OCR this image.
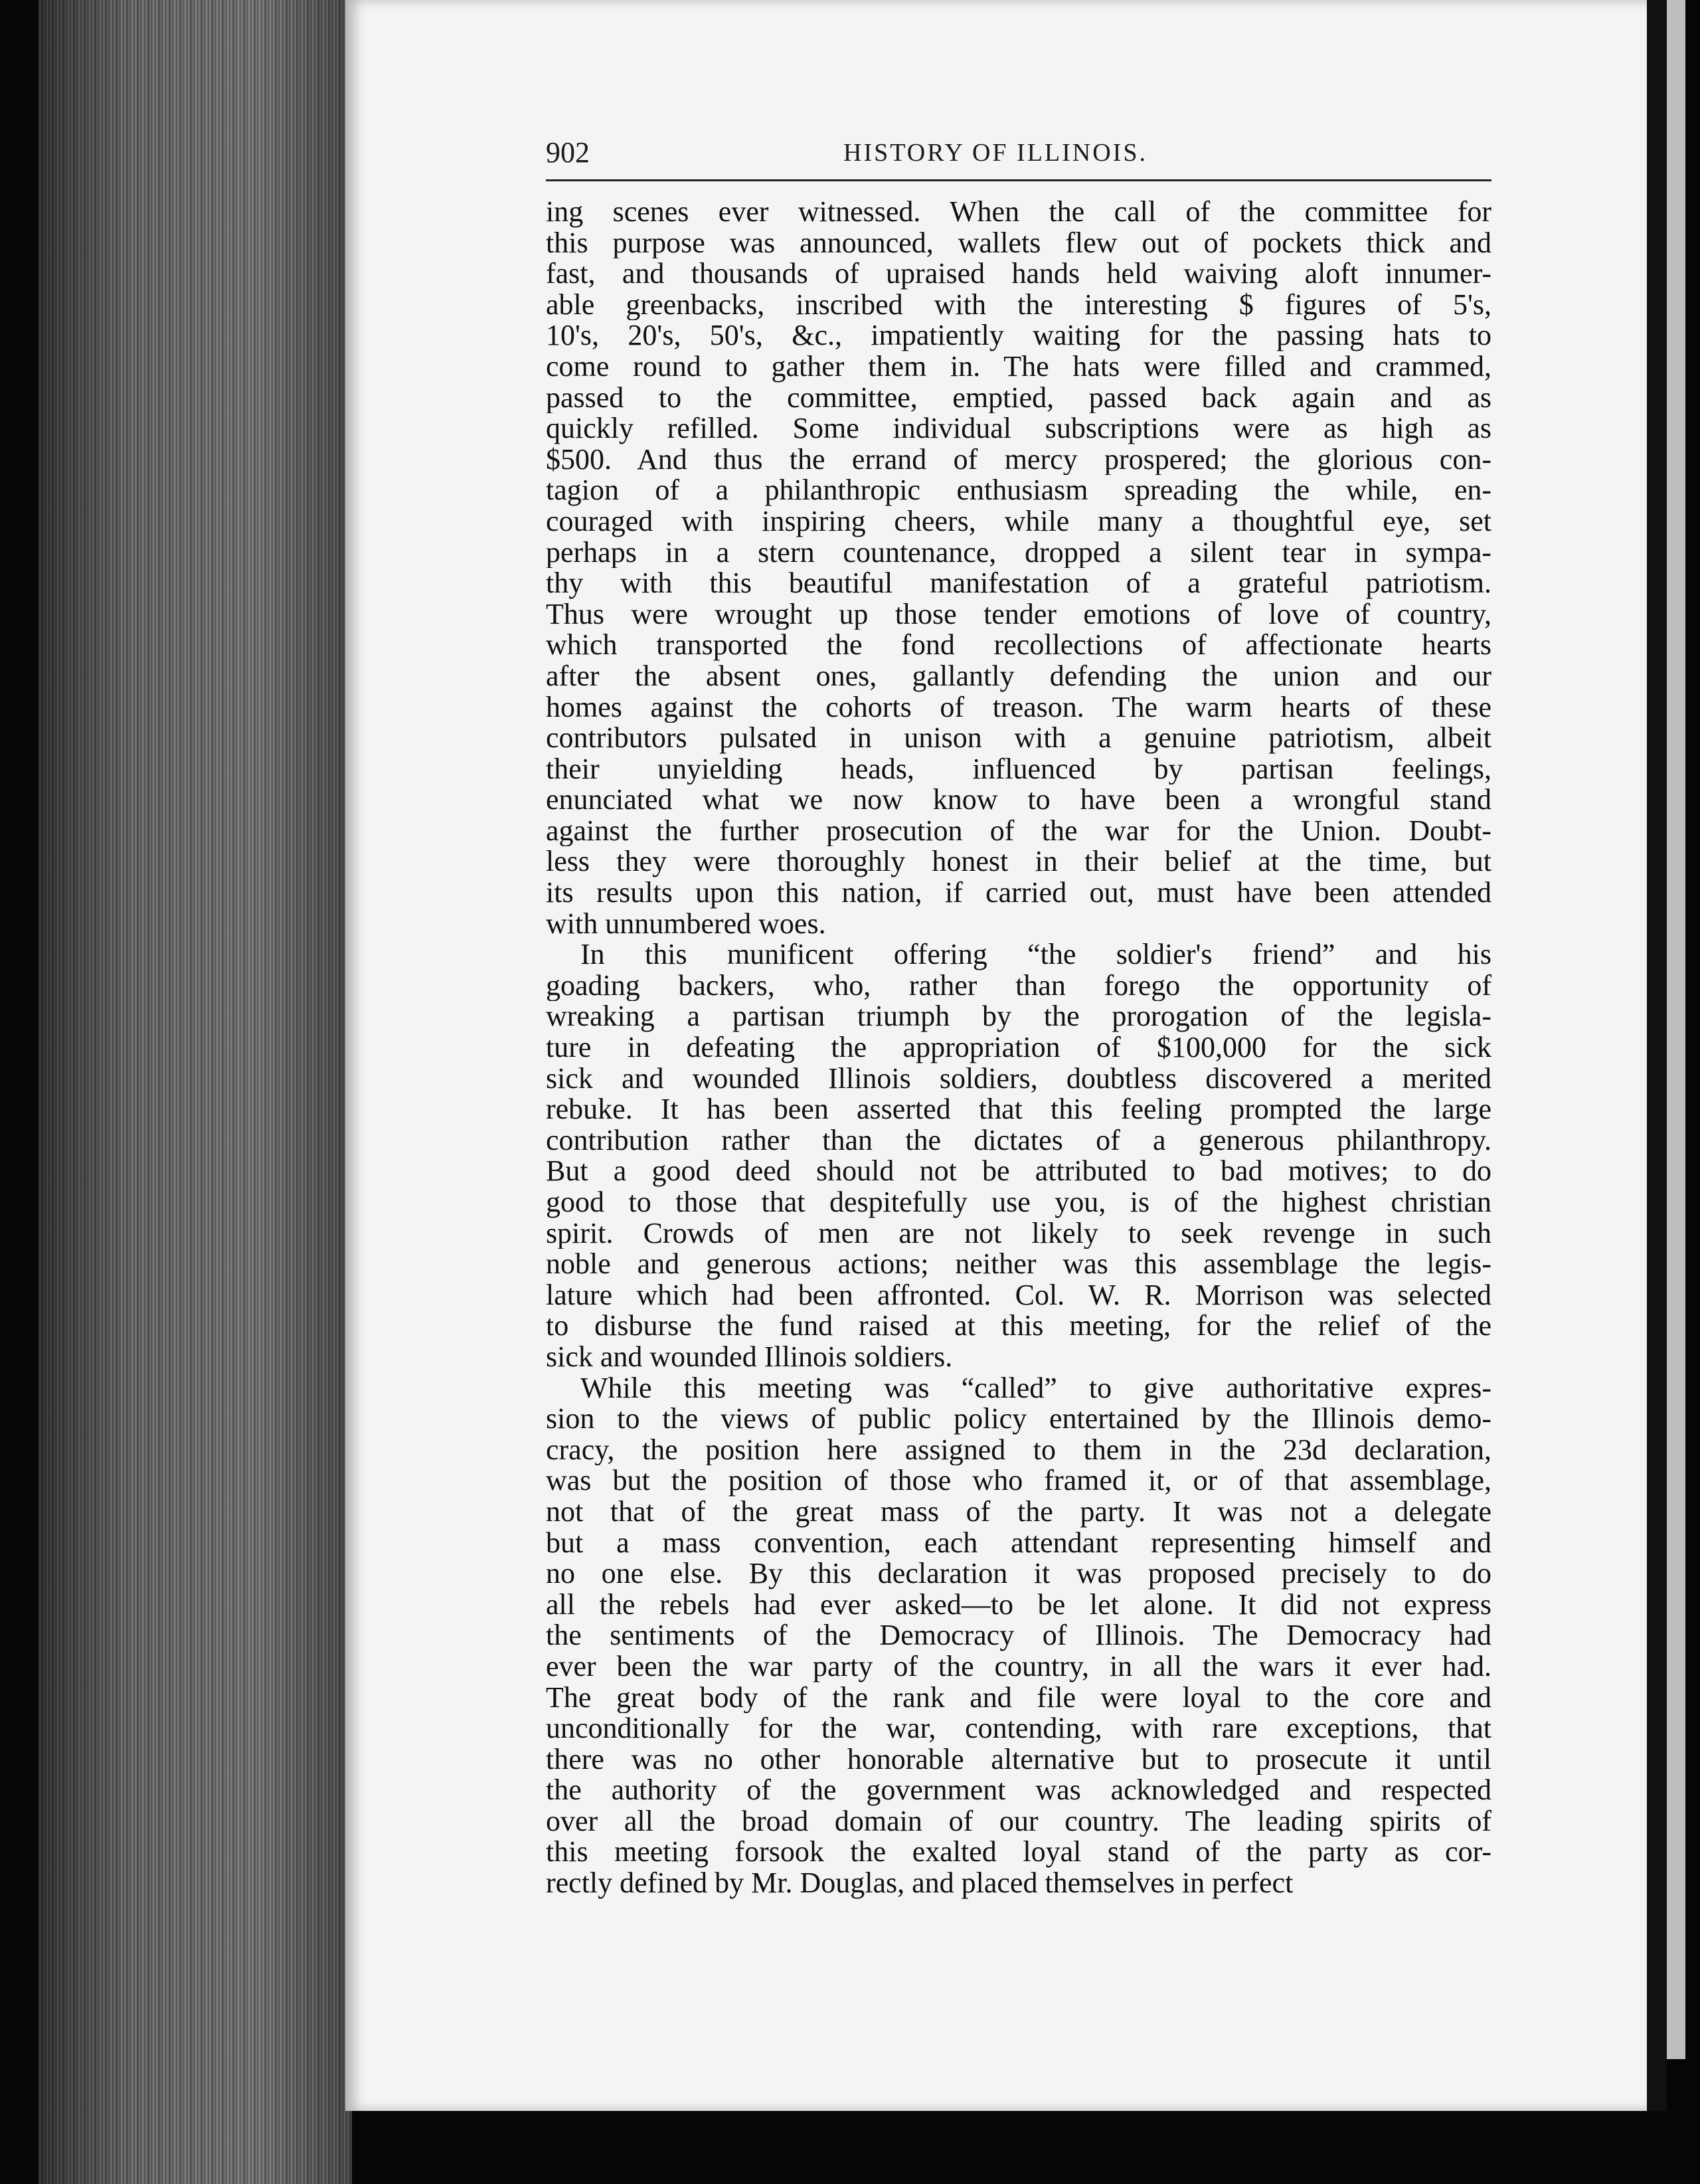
902	HISTORY OF ILLINOIS.
ing scenes ever witnessed. When the call of the committee for
this purpose was announced, wallets flew out of pockets thick and
fast, and thousands of upraised hands held waiving aloft innumer-
able greenbacks, inscribed with the interesting $ figures of 5's,
10's, 20's, 50's, &c., impatiently waiting for the passing hats to
come round to gather them in. The hats were filled and crammed,
passed to the committee, emptied, passed back again and as
quickly refilled. Some individual subscriptions were as high as
$500. And thus the errand of mercy prospered; the glorious con-
tagion of a philanthropic enthusiasm spreading the while, en-
couraged with inspiring cheers, while many a thoughtful eye, set
perhaps in a stern countenance, dropped a silent tear in sympa-
thy with this beautiful manifestation of a grateful patriotism.
Thus were wrought up those tender emotions of love of country,
which transported the fond recollections of affectionate hearts
after the absent ones, gallantly defending the union and our
homes against the cohorts of treason. The warm hearts of these
contributors pulsated in unison with a genuine patriotism, albeit
their unyielding heads, influenced by partisan feelings,
enunciated what we now know to have been a wrongful stand
against the further prosecution of the war for the Union. Doubt-
less they were thoroughly honest in their belief at the time, but
its results upon this nation, if carried out, must have been attended
with unnumbered woes.
In this munificent offering “the soldier's friend” and his
goading backers, who, rather than forego the opportunity of
wreaking a partisan triumph by the prorogation of the legisla-
ture in defeating the appropriation of $100,000 for the sick
sick and wounded Illinois soldiers, doubtless discovered a merited
rebuke. It has been asserted that this feeling prompted the large
contribution rather than the dictates of a generous philanthropy.
But a good deed should not be attributed to bad motives; to do
good to those that despitefully use you, is of the highest christian
spirit. Crowds of men are not likely to seek revenge in such
noble and generous actions; neither was this assemblage the legis-
lature which had been affronted. Col. W. R. Morrison was selected
to disburse the fund raised at this meeting, for the relief of the
sick and wounded Illinois soldiers.
While this meeting was “called” to give authoritative expres-
sion to the views of public policy entertained by the Illinois demo-
cracy, the position here assigned to them in the 23d declaration,
was but the position of those who framed it, or of that assemblage,
not that of the great mass of the party. It was not a delegate
but a mass convention, each attendant representing himself and
no one else. By this declaration it was proposed precisely to do
all the rebels had ever asked—to be let alone. It did not express
the sentiments of the Democracy of Illinois. The Democracy had
ever been the war party of the country, in all the wars it ever had.
The great body of the rank and file were loyal to the core and
unconditionally for the war, contending, with rare exceptions, that
there was no other honorable alternative but to prosecute it until
the authority of the government was acknowledged and respected
over all the broad domain of our country. The leading spirits of
this meeting forsook the exalted loyal stand of the party as cor-
rectly defined by Mr. Douglas, and placed themselves in perfect
